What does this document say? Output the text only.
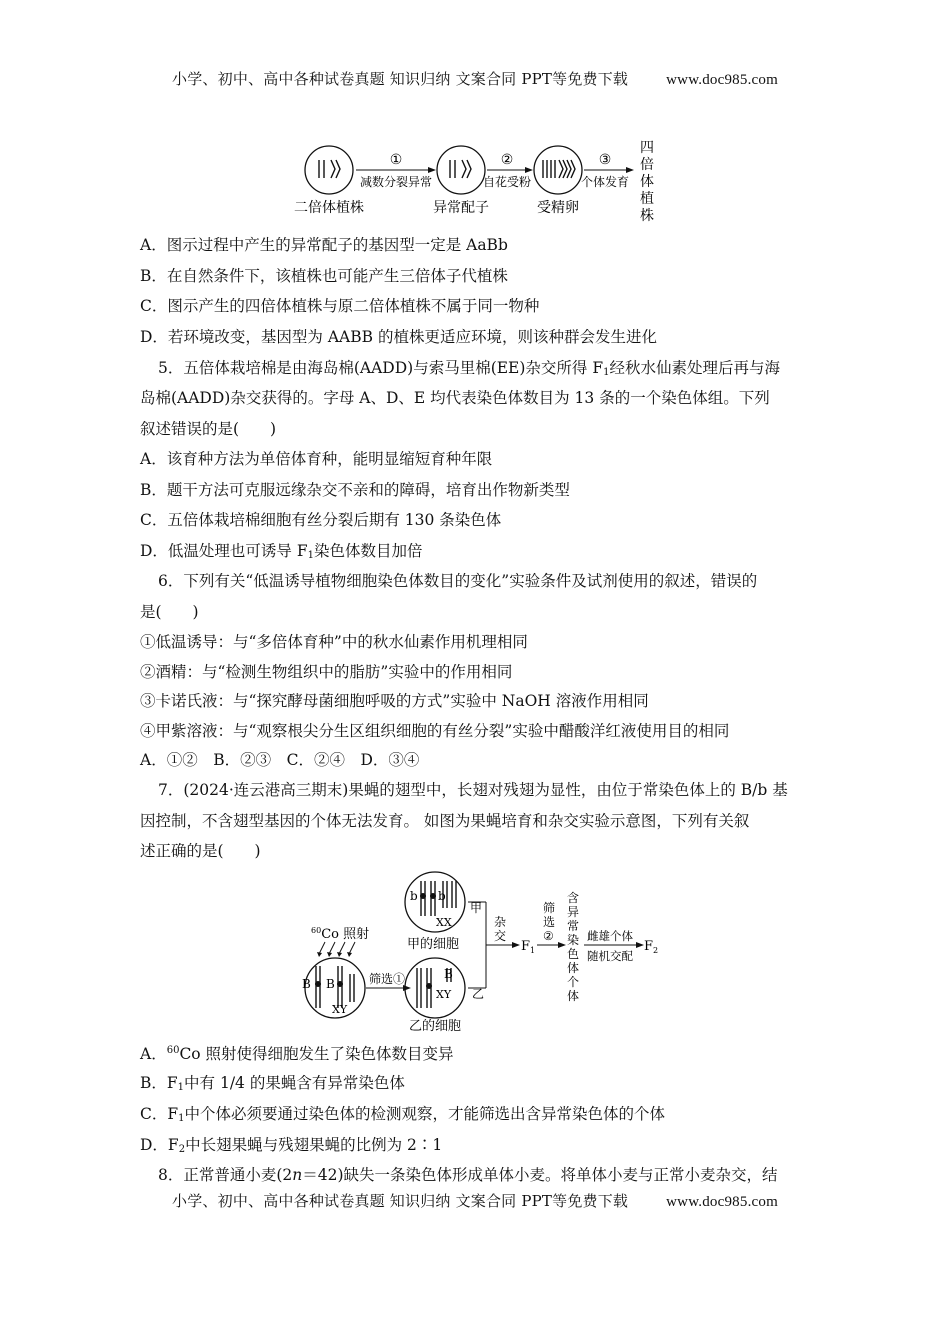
小学、初中、高中各种试卷真题 知识归纳 文案合同 PPT等免费下载	www.doc985.com
二倍体植株
①
减数分裂异常
异常配子
②
自花受粉
受精卵
③
个体发育
四
倍
体
植
株
A．图示过程中产生的异常配子的基因型一定是 AaBb
B．在自然条件下，该植株也可能产生三倍体子代植株
C．图示产生的四倍体植株与原二倍体植株不属于同一物种
D．若环境改变，基因型为 AABB 的植株更适应环境，则该种群会发生进化
5．五倍体栽培棉是由海岛棉(AADD)与索马里棉(EE)杂交所得 $F_1$经秋水仙素处理后再与海
岛棉(AADD)杂交获得的。字母 A、D、E 均代表染色体数目为 13 条的一个染色体组。下列
叙述错误的是(　　)
A．该育种方法为单倍体育种，能明显缩短育种年限
B．题干方法可克服远缘杂交不亲和的障碍，培育出作物新类型
C．五倍体栽培棉细胞有丝分裂后期有 130 条染色体
D．低温处理也可诱导 $F_1$染色体数目加倍
6．下列有关“低温诱导植物细胞染色体数目的变化”实验条件及试剂使用的叙述，错误的
是(　　)
①低温诱导：与“多倍体育种”中的秋水仙素作用机理相同
②酒精：与“检测生物组织中的脂肪”实验中的作用相同
③卡诺氏液：与“探究酵母菌细胞呼吸的方式”实验中 NaOH 溶液作用相同
④甲紫溶液：与“观察根尖分生区组织细胞的有丝分裂”实验中醋酸洋红液使用目的相同
A．①②　B．②③　C．②④　D．③④
7．(2024·连云港高三期末)果蝇的翅型中，长翅对残翅为显性，由位于常染色体上的 B/b 基
因控制，不含翅型基因的个体无法发育。 如图为果蝇培育和杂交实验示意图，下列有关叙
述正确的是(　　)
$^{60}$Co 照射
B B
XY
筛选①
b b
XX
甲的细胞
B
XY
乙的细胞
甲
乙
杂
交
$F_1$
筛
选
②
含
异
常
染
色
体
个
体
雌雄个体
随机交配
$F_2$
A．$^{60}$Co 照射使得细胞发生了染色体数目变异
B．$F_1$中有 1/4 的果蝇含有异常染色体
C．$F_1$中个体必须要通过染色体的检测观察，才能筛选出含异常染色体的个体
D．$F_2$中长翅果蝇与残翅果蝇的比例为 2∶1
8．正常普通小麦(2n＝42)缺失一条染色体形成单体小麦。将单体小麦与正常小麦杂交，结
小学、初中、高中各种试卷真题 知识归纳 文案合同 PPT等免费下载	www.doc985.com
